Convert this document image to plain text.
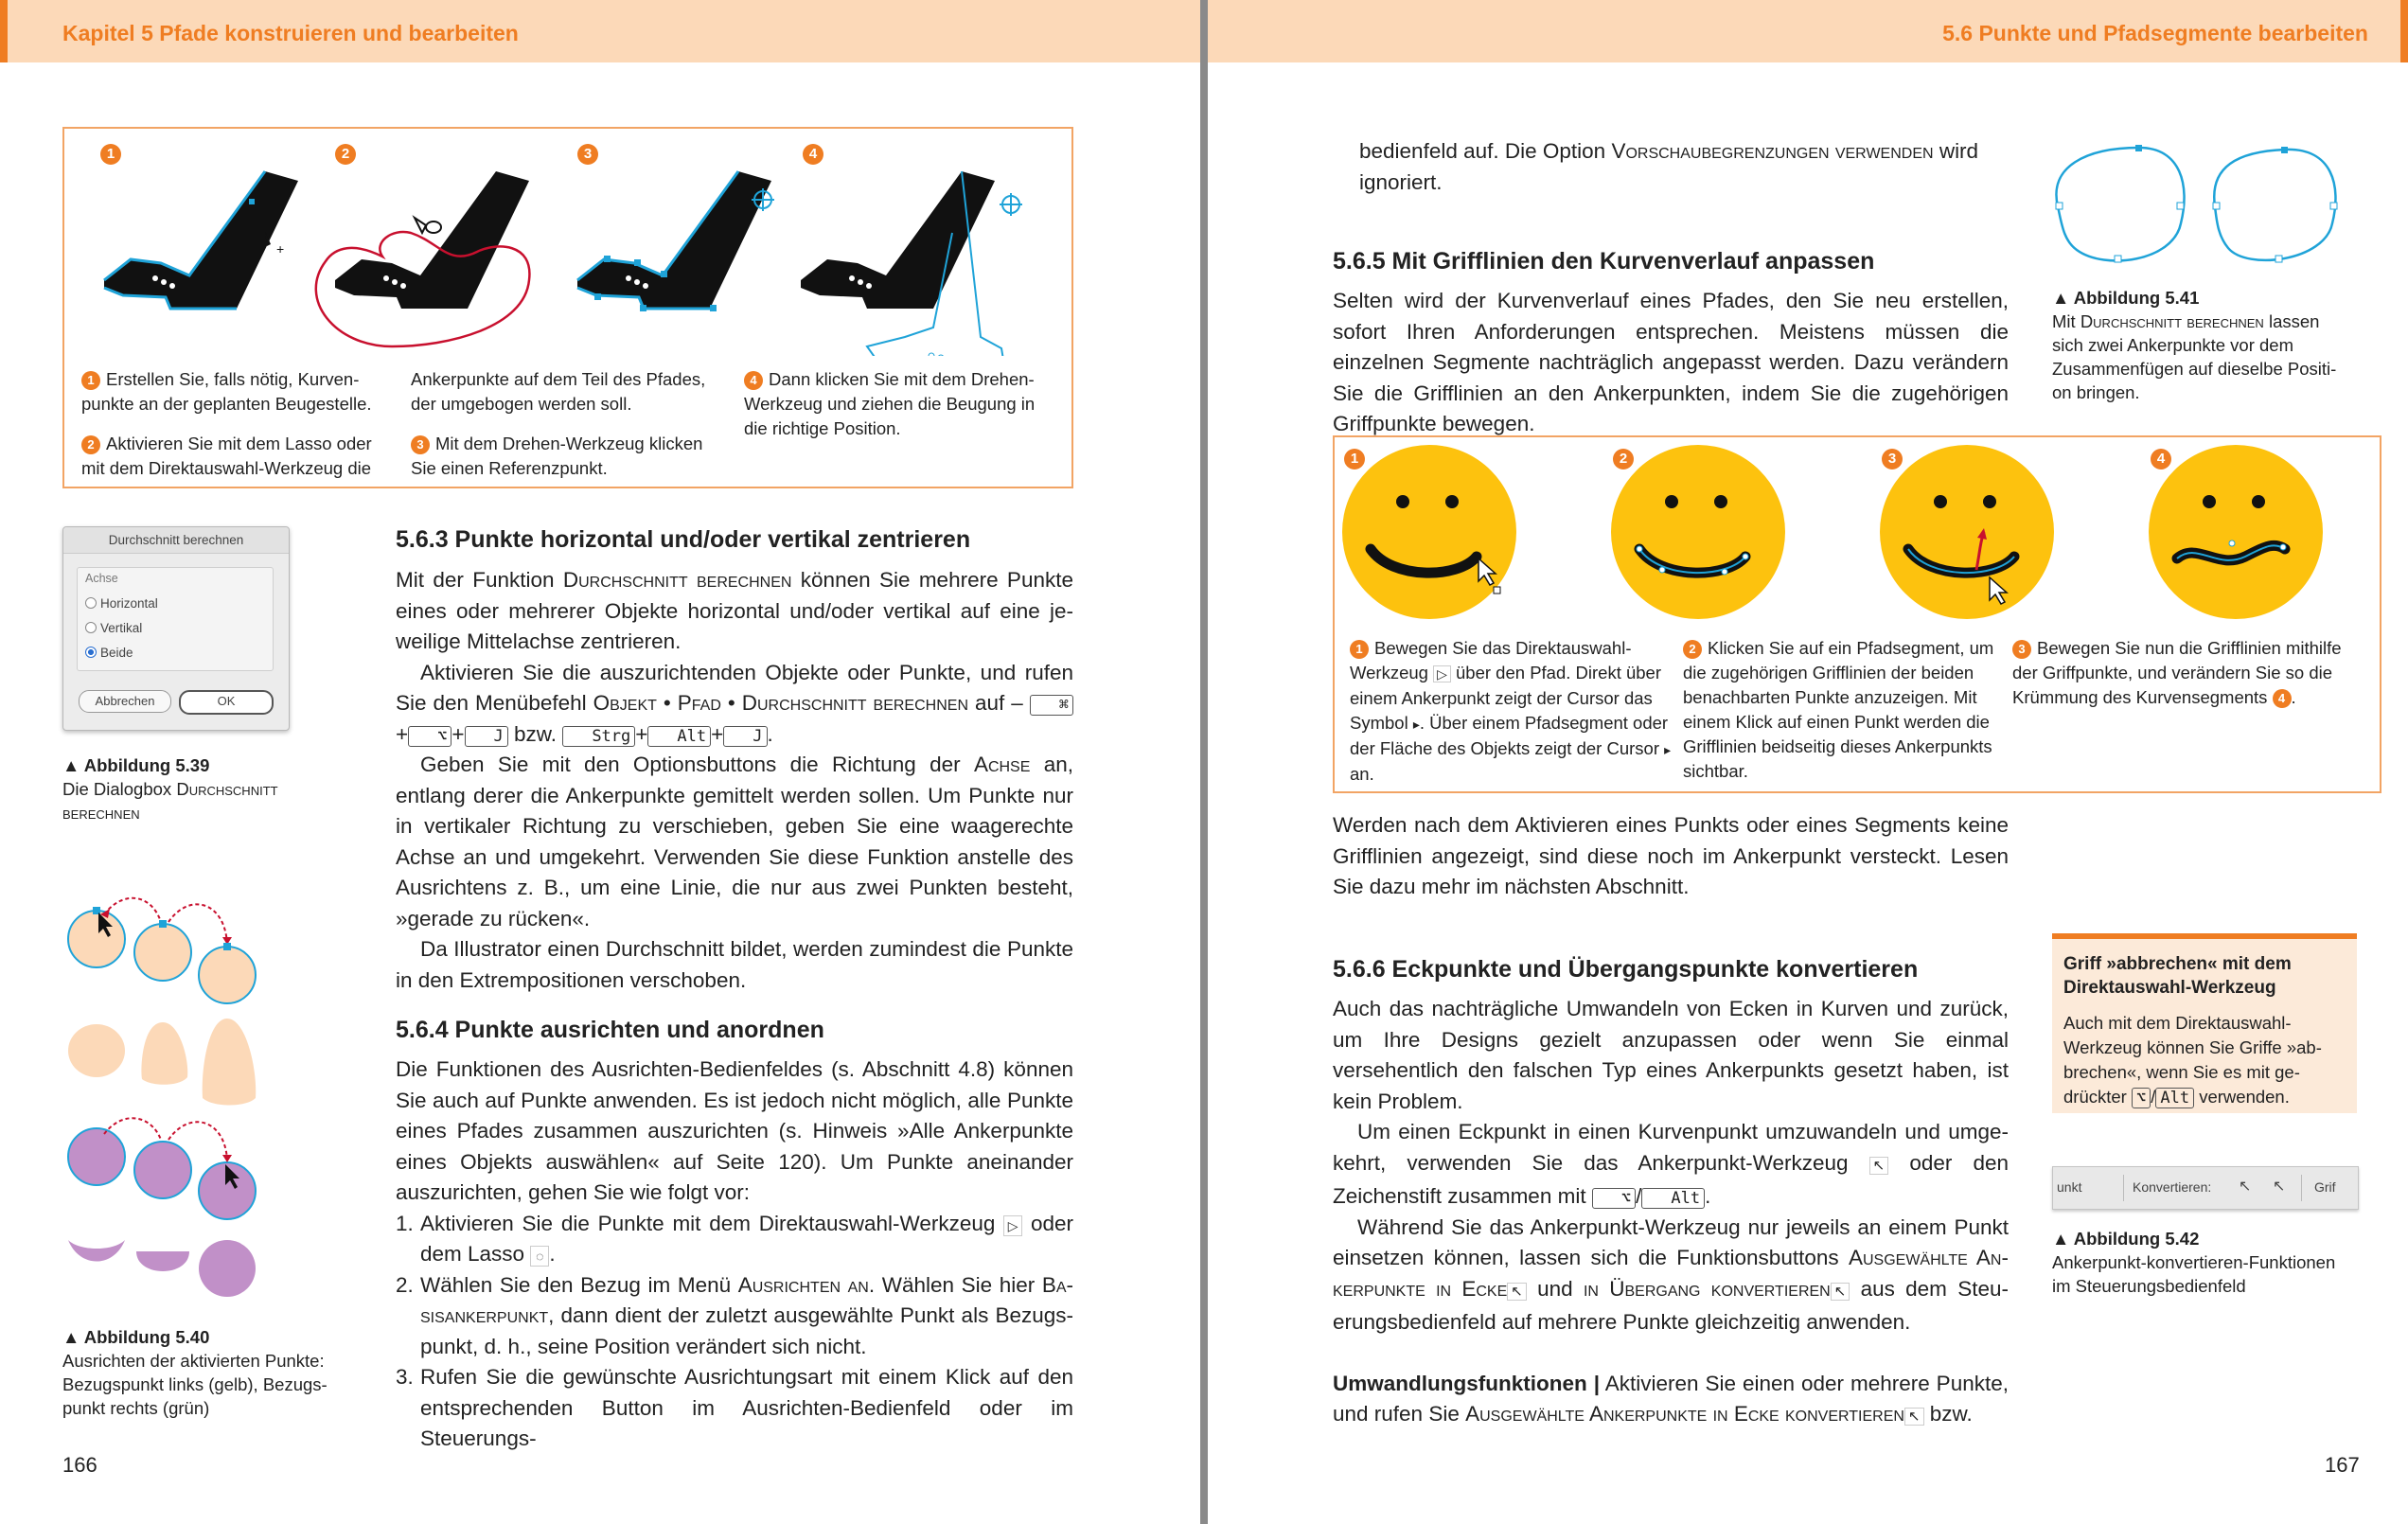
Kapitel 5 Pfade konstruieren und bearbeiten
1	2	3	4
+
1 Erstellen Sie, falls nötig, Kurvenpunkte an der geplanten Beugestelle.
2 Aktivieren Sie mit dem Lasso oder mit dem Direktauswahl-Werkzeug die
Ankerpunkte auf dem Teil des Pfades, der umgebogen werden soll.
3 Mit dem Drehen-Werkzeug klicken Sie einen Referenzpunkt.
4 Dann klicken Sie mit dem Drehen-Werkzeug und ziehen die Beugung in die richtige Position.
Durchschnitt berechnen
Achse
Horizontal
Vertikal
Beide
Abbrechen	OK
▲ Abbildung 5.39
Die Dialogbox Durchschnitt berechnen
▲ Abbildung 5.40
Ausrichten der aktivierten Punkte: Bezugspunkt links (gelb), Bezugspunkt rechts (grün)
5.6.3 Punkte horizontal und/oder vertikal zentrieren

Mit der Funktion Durchschnitt berechnen können Sie mehrere Punkte eines oder mehrerer Objekte horizontal und/oder vertikal auf eine jeweilige Mittelachse zentrieren.

Aktivieren Sie die auszurichtenden Objekte oder Punkte, und rufen Sie den Menübefehl Objekt • Pfad • Durchschnitt berechnen auf – ⌘+ ⌥ + J bzw. Strg + Alt + J .

Geben Sie mit den Optionsbuttons die Richtung der Achse an, entlang derer die Ankerpunkte gemittelt werden sollen. Um Punkte nur in vertikaler Richtung zu verschieben, geben Sie eine waagerechte Achse an und umgekehrt. Verwenden Sie diese Funktion anstelle des Ausrichtens z. B., um eine Linie, die nur aus zwei Punkten besteht, »gerade zu rücken«.

Da Illustrator einen Durchschnitt bildet, werden zumindest die Punkte in den Extrempositionen verschoben.

5.6.4 Punkte ausrichten und anordnen

Die Funktionen des Ausrichten-Bedienfeldes (s. Abschnitt 4.8) können Sie auch auf Punkte anwenden. Es ist jedoch nicht möglich, alle Punkte eines Pfades zusammen auszurichten (s. Hinweis »Alle Ankerpunkte eines Objekts auswählen« auf Seite 120). Um Punkte aneinander auszurichten, gehen Sie wie folgt vor:

1. Aktivieren Sie die Punkte mit dem Direktauswahl-Werkzeug ▷ oder dem Lasso ◌ .
2. Wählen Sie den Bezug im Menü Ausrichten an. Wählen Sie hier Basisankerpunkt, dann dient der zuletzt ausgewählte Punkt als Bezugspunkt, d. h., seine Position verändert sich nicht.
3. Rufen Sie die gewünschte Ausrichtungsart mit einem Klick auf den entsprechenden Button im Ausrichten-Bedienfeld oder im Steuerungs-
166
5.6 Punkte und Pfadsegmente bearbeiten

bedienfeld auf. Die Option Vorschaubegrenzungen verwenden wird ignoriert.

▲ Abbildung 5.41
Mit Durchschnitt berechnen lassen sich zwei Ankerpunkte vor dem Zusammenfügen auf dieselbe Position bringen.
5.6.5 Mit Grifflinien den Kurvenverlauf anpassen

Selten wird der Kurvenverlauf eines Pfades, den Sie neu erstellen, sofort Ihren Anforderungen entsprechen. Meistens müssen die einzelnen Segmente nachträglich angepasst werden. Dazu verändern Sie die Grifflinien an den Ankerpunkten, indem Sie die zugehörigen Griffpunkte bewegen.

1	2	3	4
1 Bewegen Sie das Direktauswahl-Werkzeug ▷ über den Pfad. Direkt über einem Ankerpunkt zeigt der Cursor das Symbol ▸. Über einem Pfadsegment oder der Fläche des Objekts zeigt der Cursor ▸ an.
2 Klicken Sie auf ein Pfadsegment, um die zugehörigen Grifflinien der beiden benachbarten Punkte anzuzeigen. Mit einem Klick auf einen Punkt werden die Grifflinien beidseitig dieses Ankerpunkts sichtbar.
3 Bewegen Sie nun die Grifflinien mithilfe der Griffpunkte, und verändern Sie so die Krümmung des Kurvensegments 4 .

Werden nach dem Aktivieren eines Punkts oder eines Segments keine Grifflinien angezeigt, sind diese noch im Ankerpunkt versteckt. Lesen Sie dazu mehr im nächsten Abschnitt.

Griff »abbrechen« mit dem Direktauswahl-Werkzeug
Auch mit dem Direktauswahl-Werkzeug können Sie Griffe »abbrechen«, wenn Sie es mit gedrückter ⌥ / Alt verwenden.
unkt	Konvertieren: ↖ ↖ Grif
▲ Abbildung 5.42
Ankerpunkt-konvertieren-Funktionen im Steuerungsbedienfeld
5.6.6 Eckpunkte und Übergangspunkte konvertieren

Auch das nachträgliche Umwandeln von Ecken in Kurven und zurück, um Ihre Designs gezielt anzupassen oder wenn Sie einmal versehentlich den falschen Typ eines Ankerpunkts gesetzt haben, ist kein Problem.

Um einen Eckpunkt in einen Kurvenpunkt umzuwandeln und umgekehrt, verwenden Sie das Ankerpunkt-Werkzeug ↖ oder den Zeichenstift zusammen mit ⌥ / Alt .

Während Sie das Ankerpunkt-Werkzeug nur jeweils an einem Punkt einsetzen können, lassen sich die Funktionsbuttons Ausgewählte Ankerpunkte in Ecke ↖ und in Übergang konvertieren ↖ aus dem Steuerungsbedienfeld auf mehrere Punkte gleichzeitig anwenden.

Umwandlungsfunktionen | Aktivieren Sie einen oder mehrere Punkte, und rufen Sie Ausgewählte Ankerpunkte in Ecke konvertieren ↖ bzw.

167
